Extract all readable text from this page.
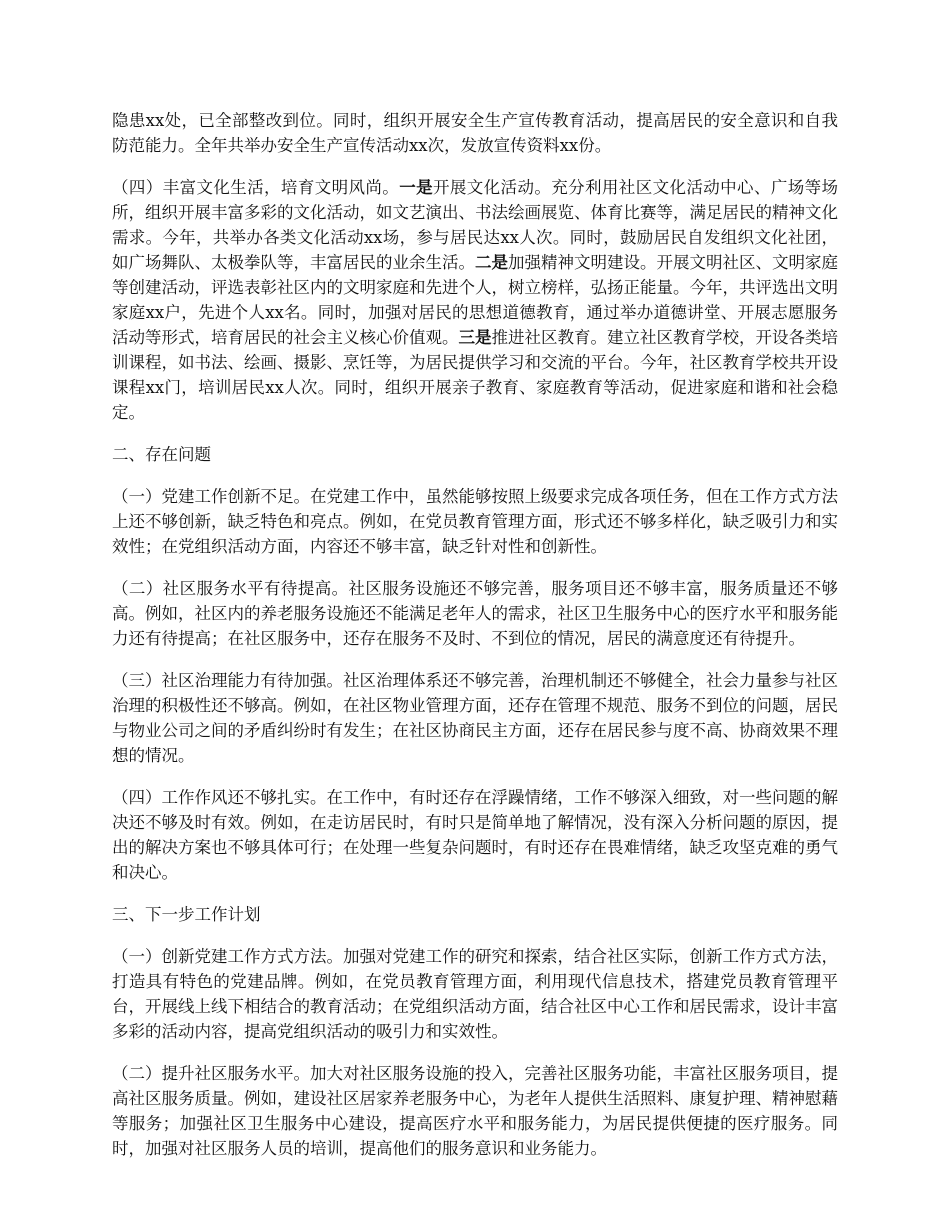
隐患xx处，已全部整改到位。同时，组织开展安全生产宣传教育活动，提高居民的安全意识和自我防范能力。全年共举办安全生产宣传活动xx次，发放宣传资料xx份。

（四）丰富文化生活，培育文明风尚。一是开展文化活动。充分利用社区文化活动中心、广场等场所，组织开展丰富多彩的文化活动，如文艺演出、书法绘画展览、体育比赛等，满足居民的精神文化需求。今年，共举办各类文化活动xx场，参与居民达xx人次。同时，鼓励居民自发组织文化社团，如广场舞队、太极拳队等，丰富居民的业余生活。二是加强精神文明建设。开展文明社区、文明家庭等创建活动，评选表彰社区内的文明家庭和先进个人，树立榜样，弘扬正能量。今年，共评选出文明家庭xx户，先进个人xx名。同时，加强对居民的思想道德教育，通过举办道德讲堂、开展志愿服务活动等形式，培育居民的社会主义核心价值观。三是推进社区教育。建立社区教育学校，开设各类培训课程，如书法、绘画、摄影、烹饪等，为居民提供学习和交流的平台。今年，社区教育学校共开设课程xx门，培训居民xx人次。同时，组织开展亲子教育、家庭教育等活动，促进家庭和谐和社会稳定。

二、存在问题

（一）党建工作创新不足。在党建工作中，虽然能够按照上级要求完成各项任务，但在工作方式方法上还不够创新，缺乏特色和亮点。例如，在党员教育管理方面，形式还不够多样化，缺乏吸引力和实效性；在党组织活动方面，内容还不够丰富，缺乏针对性和创新性。

（二）社区服务水平有待提高。社区服务设施还不够完善，服务项目还不够丰富，服务质量还不够高。例如，社区内的养老服务设施还不能满足老年人的需求，社区卫生服务中心的医疗水平和服务能力还有待提高；在社区服务中，还存在服务不及时、不到位的情况，居民的满意度还有待提升。

（三）社区治理能力有待加强。社区治理体系还不够完善，治理机制还不够健全，社会力量参与社区治理的积极性还不够高。例如，在社区物业管理方面，还存在管理不规范、服务不到位的问题，居民与物业公司之间的矛盾纠纷时有发生；在社区协商民主方面，还存在居民参与度不高、协商效果不理想的情况。

（四）工作作风还不够扎实。在工作中，有时还存在浮躁情绪，工作不够深入细致，对一些问题的解决还不够及时有效。例如，在走访居民时，有时只是简单地了解情况，没有深入分析问题的原因，提出的解决方案也不够具体可行；在处理一些复杂问题时，有时还存在畏难情绪，缺乏攻坚克难的勇气和决心。

三、下一步工作计划

（一）创新党建工作方式方法。加强对党建工作的研究和探索，结合社区实际，创新工作方式方法，打造具有特色的党建品牌。例如，在党员教育管理方面，利用现代信息技术，搭建党员教育管理平台，开展线上线下相结合的教育活动；在党组织活动方面，结合社区中心工作和居民需求，设计丰富多彩的活动内容，提高党组织活动的吸引力和实效性。

（二）提升社区服务水平。加大对社区服务设施的投入，完善社区服务功能，丰富社区服务项目，提高社区服务质量。例如，建设社区居家养老服务中心，为老年人提供生活照料、康复护理、精神慰藉等服务；加强社区卫生服务中心建设，提高医疗水平和服务能力，为居民提供便捷的医疗服务。同时，加强对社区服务人员的培训，提高他们的服务意识和业务能力。
